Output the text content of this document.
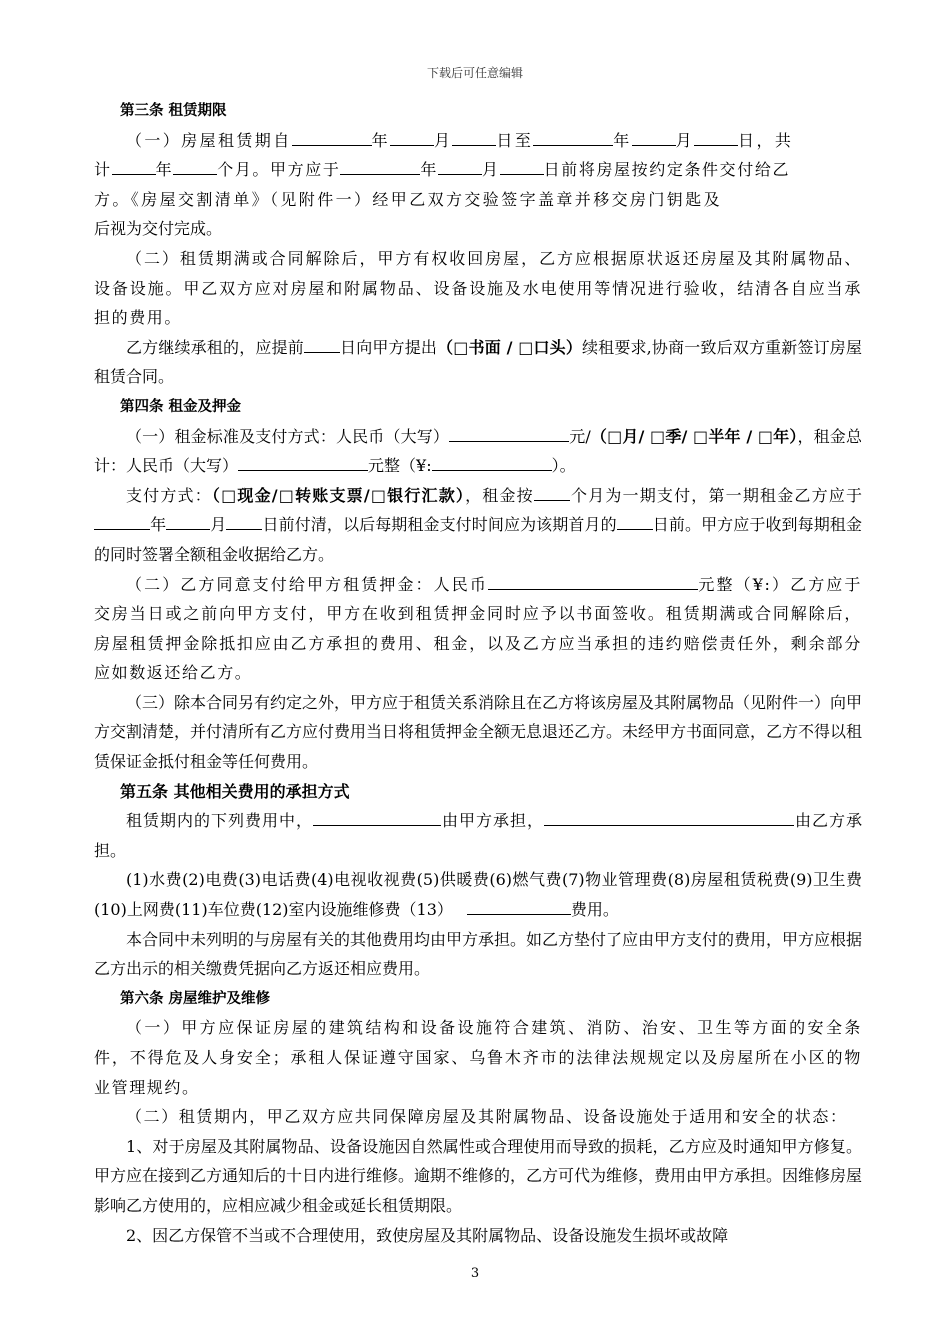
下载后可任意编辑

第三条 租赁期限

（一）房屋租赁期自	年	月	日至	年	月	日，共

计	年	个月。甲方应于	年	月	日前将房屋按约定条件交付给乙

方。《房屋交割清单》（见附件一）经甲乙双方交验签字盖章并移交房门钥匙及

后视为交付完成。

（二）租赁期满或合同解除后，甲方有权收回房屋，乙方应根据原状返还房屋及其附属物品、设备设施。甲乙双方应对房屋和附属物品、设备设施及水电使用等情况进行验收，结清各自应当承担的费用。

乙方继续承租的，应提前 日向甲方提出（□书面 / □口头）续租要求,协商一致后双方重新签订房屋租赁合同。

第四条 租金及押金

（一）租金标准及支付方式：人民币（大写）	元/（□月/ □季/ □半年 / □年），租金总计：人民币（大写）	元整（¥:	）。

支付方式：（□现金/□转账支票/□银行汇款），租金按 个月为一期支付，第一期租金乙方应于年	月 日前付清，以后每期租金支付时间应为该期首月的 日前。甲方应于收到每期租金的同时签署全额租金收据给乙方。

（二）乙方同意支付给甲方租赁押金：人民币	元整（¥:）乙方应于交房当日或之前向甲方支付，甲方在收到租赁押金同时应予以书面签收。租赁期满或合同解除后，房屋租赁押金除抵扣应由乙方承担的费用、租金，以及乙方应当承担的违约赔偿责任外，剩余部分应如数返还给乙方。

（三）除本合同另有约定之外，甲方应于租赁关系消除且在乙方将该房屋及其附属物品（见附件一）向甲方交割清楚，并付清所有乙方应付费用当日将租赁押金全额无息退还乙方。未经甲方书面同意，乙方不得以租赁保证金抵付租金等任何费用。

第五条 其他相关费用的承担方式

租赁期内的下列费用中，	由甲方承担，	由乙方承担。

(1)水费(2)电费(3)电话费(4)电视收视费(5)供暖费(6)燃气费(7)物业管理费(8)房屋租赁税费(9)卫生费(10)上网费(11)车位费(12)室内设施维修费（13）	费用。

本合同中未列明的与房屋有关的其他费用均由甲方承担。如乙方垫付了应由甲方支付的费用，甲方应根据乙方出示的相关缴费凭据向乙方返还相应费用。

第六条 房屋维护及维修

（一）甲方应保证房屋的建筑结构和设备设施符合建筑、消防、治安、卫生等方面的安全条件，不得危及人身安全；承租人保证遵守国家、乌鲁木齐市的法律法规规定以及房屋所在小区的物业管理规约。

（二）租赁期内，甲乙双方应共同保障房屋及其附属物品、设备设施处于适用和安全的状态：

1、对于房屋及其附属物品、设备设施因自然属性或合理使用而导致的损耗，乙方应及时通知甲方修复。甲方应在接到乙方通知后的十日内进行维修。逾期不维修的，乙方可代为维修，费用由甲方承担。因维修房屋影响乙方使用的，应相应减少租金或延长租赁期限。

2、因乙方保管不当或不合理使用，致使房屋及其附属物品、设备设施发生损坏或故障

3
